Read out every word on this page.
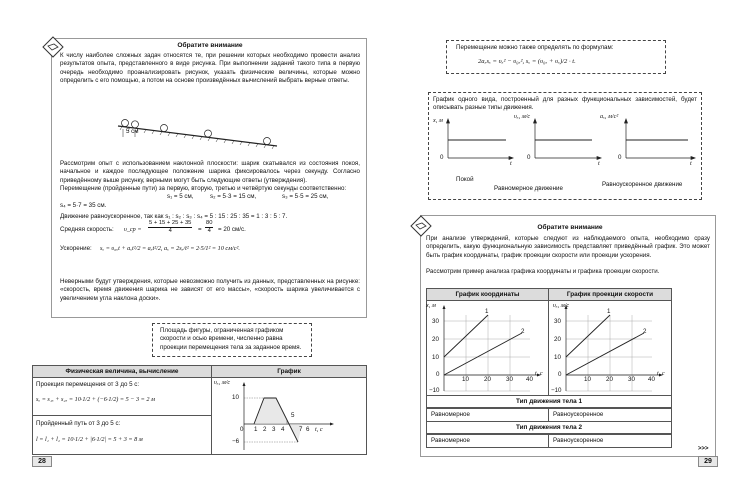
Обратите внимание
К числу наиболее сложных задач относятся те, при решении которых необходимо провести анализ результатов опыта, представленного в виде рисунка. При выполнении заданий такого типа в первую очередь необходимо проанализировать рисунок, указать физические величины, которые можно определить с его помощью, а потом на основе произведённых вычислений выбрать верные ответы.
5 см
Рассмотрим опыт с использованием наклонной плоскости: шарик скатывался из состояния покоя, начальное и каждое последующее положение шарика фиксировалось через секунду. Согласно приведённому выше рисунку, верными могут быть следующие ответы (утверждения).
Перемещение (пройденные пути) за первую, вторую, третью и четвёртую секунды соответственно:
s₁ = 5 см,	s₂ = 5·3 = 15 см,	s₃ = 5·5 = 25 см,
s₄ = 5·7 = 35 см.
Движение равноускоренное, так как s₁ : s₂ : s₃ : s₄ = 5 : 15 : 25 : 35 = 1 : 3 : 5 : 7.
Средняя скорость: υ_ср = $\frac{5 + 15 + 25 + 35}{4}$ =
80
4	= 20 см/с.
Ускорение: sₓ = υ₀ₓt + aₓt²/2 = aₓt²/2, aₓ = 2sₓ/t² = 2·5/1² = 10 см/с².
Неверными будут утверждения, которые невозможно получить из данных, представленных на рисунке: «скорость, время движения шарика не зависят от его массы», «скорость шарика увеличивается с увеличением угла наклона доски».
Площадь фигуры, ограниченная графиком скорости и осью времени, численно равна проекции перемещения тела за заданное время.
Физическая величина, вычисление	График
Проекция перемещения от 3 до 5 с:
sₓ = s₁ₓ + s₂ₓ = 10·1/2 + (−6·1/2) = 5 − 3 = 2 м
Пройденный путь от 3 до 5 с:
l = l₁ + l₂ = 10·1/2 + |6·1/2| = 5 + 3 = 8 м
υₓ, м/с
10
−6
0 1 2 3 4 7 6 t, с
5
28
Перемещение можно также определять по формулам:
2aₓsₓ = υₓ² − υ₀ₓ², sₓ = (υ₀ₓ + υₓ)/2 · t.
График одного вида, построенный для разных функциональных зависимостей, будет описывать разные типы движения.
x, м
υₓ, м/с	aₓ, м/с²
0	0	0
t	t	t
Покой
Равномерное движение
Равноускоренное движение
Обратите внимание
При анализе утверждений, которые следуют из наблюдаемого опыта, необходимо сразу определить, какую функциональную зависимость представляет приведённый график. Это может быть график координаты, график проекции скорости или проекции ускорения.
Рассмотрим пример анализа графика координаты и графика проекции скорости.
График координаты	График проекции скорости
x, м
30
20
10
0
−10
10 20 30 40
t, с
1
2
υₓ, м/с
30
20
10
0
−10
10 20 30 40
t, с
1
2
Тип движения тела 1
Равномерное	Равноускоренное
Тип движения тела 2
Равномерное	Равноускоренное
>>>
29
